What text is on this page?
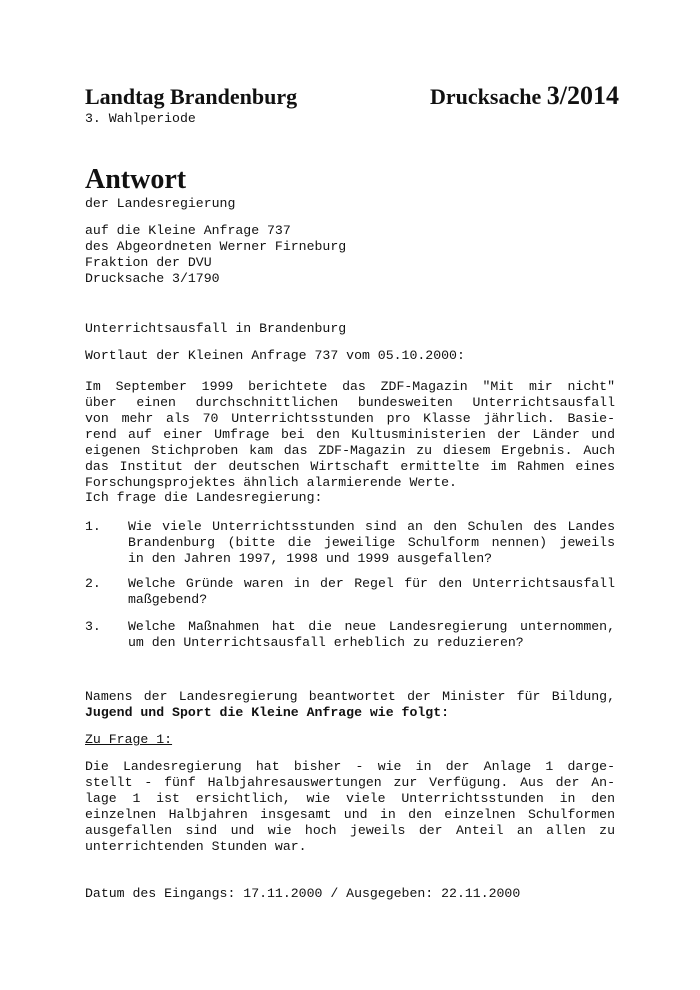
Landtag Brandenburg	Drucksache 3/2014
3. Wahlperiode
Antwort
der Landesregierung
auf die Kleine Anfrage 737
des Abgeordneten Werner Firneburg
Fraktion der DVU
Drucksache 3/1790
Unterrichtsausfall in Brandenburg
Wortlaut der Kleinen Anfrage 737 vom 05.10.2000:
Im September 1999 berichtete das ZDF-Magazin "Mit mir nicht"
über einen durchschnittlichen bundesweiten Unterrichtsausfall
von mehr als 70 Unterrichtsstunden pro Klasse jährlich. Basie-
rend auf einer Umfrage bei den Kultusministerien der Länder und
eigenen Stichproben kam das ZDF-Magazin zu diesem Ergebnis. Auch
das Institut der deutschen Wirtschaft ermittelte im Rahmen eines
Forschungsprojektes ähnlich alarmierende Werte.
Ich frage die Landesregierung:
1. Wie viele Unterrichtsstunden sind an den Schulen des Landes
Brandenburg (bitte die jeweilige Schulform nennen) jeweils
in den Jahren 1997, 1998 und 1999 ausgefallen?
2. Welche Gründe waren in der Regel für den Unterrichtsausfall
maßgebend?
3. Welche Maßnahmen hat die neue Landesregierung unternommen,
um den Unterrichtsausfall erheblich zu reduzieren?
Namens der Landesregierung beantwortet der Minister für Bildung,
Jugend und Sport die Kleine Anfrage wie folgt:
Zu Frage 1:
Die Landesregierung hat bisher - wie in der Anlage 1 darge-
stellt - fünf Halbjahresauswertungen zur Verfügung. Aus der An-
lage 1 ist ersichtlich, wie viele Unterrichtsstunden in den
einzelnen Halbjahren insgesamt und in den einzelnen Schulformen
ausgefallen sind und wie hoch jeweils der Anteil an allen zu
unterrichtenden Stunden war.
Datum des Eingangs: 17.11.2000 / Ausgegeben: 22.11.2000
